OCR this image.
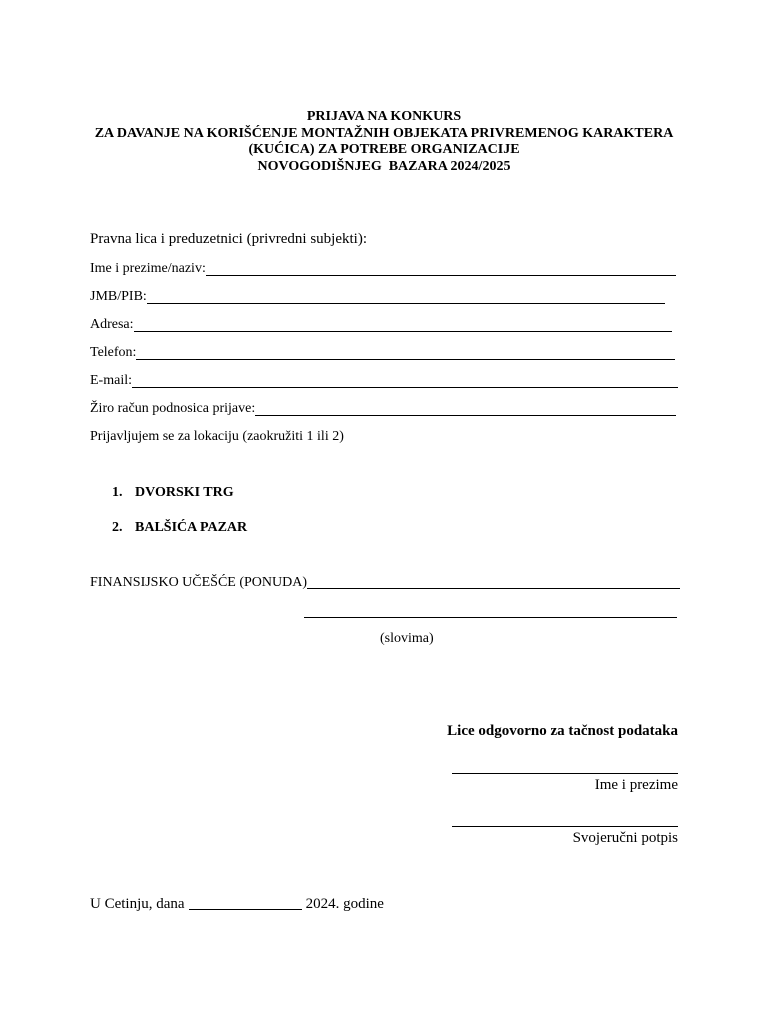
PRIJAVA NA KONKURS
ZA DAVANJE NA KORIŠĆENJE MONTAŽNIH OBJEKATA PRIVREMENOG KARAKTERA
(KUĆICA) ZA POTREBE ORGANIZACIJE
NOVOGODIŠNJEG  BAZARA 2024/2025
Pravna lica i preduzetnici (privredni subjekti):
Ime i prezime/naziv:
JMB/PIB:
Adresa:
Telefon:
E-mail:
Žiro račun podnosica prijave:
Prijavljujem se za lokaciju (zaokružiti 1 ili 2)
1. DVORSKI TRG
2. BALŠIĆA PAZAR
FINANSIJSKO UČEŠĆE (PONUDA)
(slovima)
Lice odgovorno za tačnost podataka
Ime i prezime
Svojeručni potpis
U Cetinju, dana	2024. godine
